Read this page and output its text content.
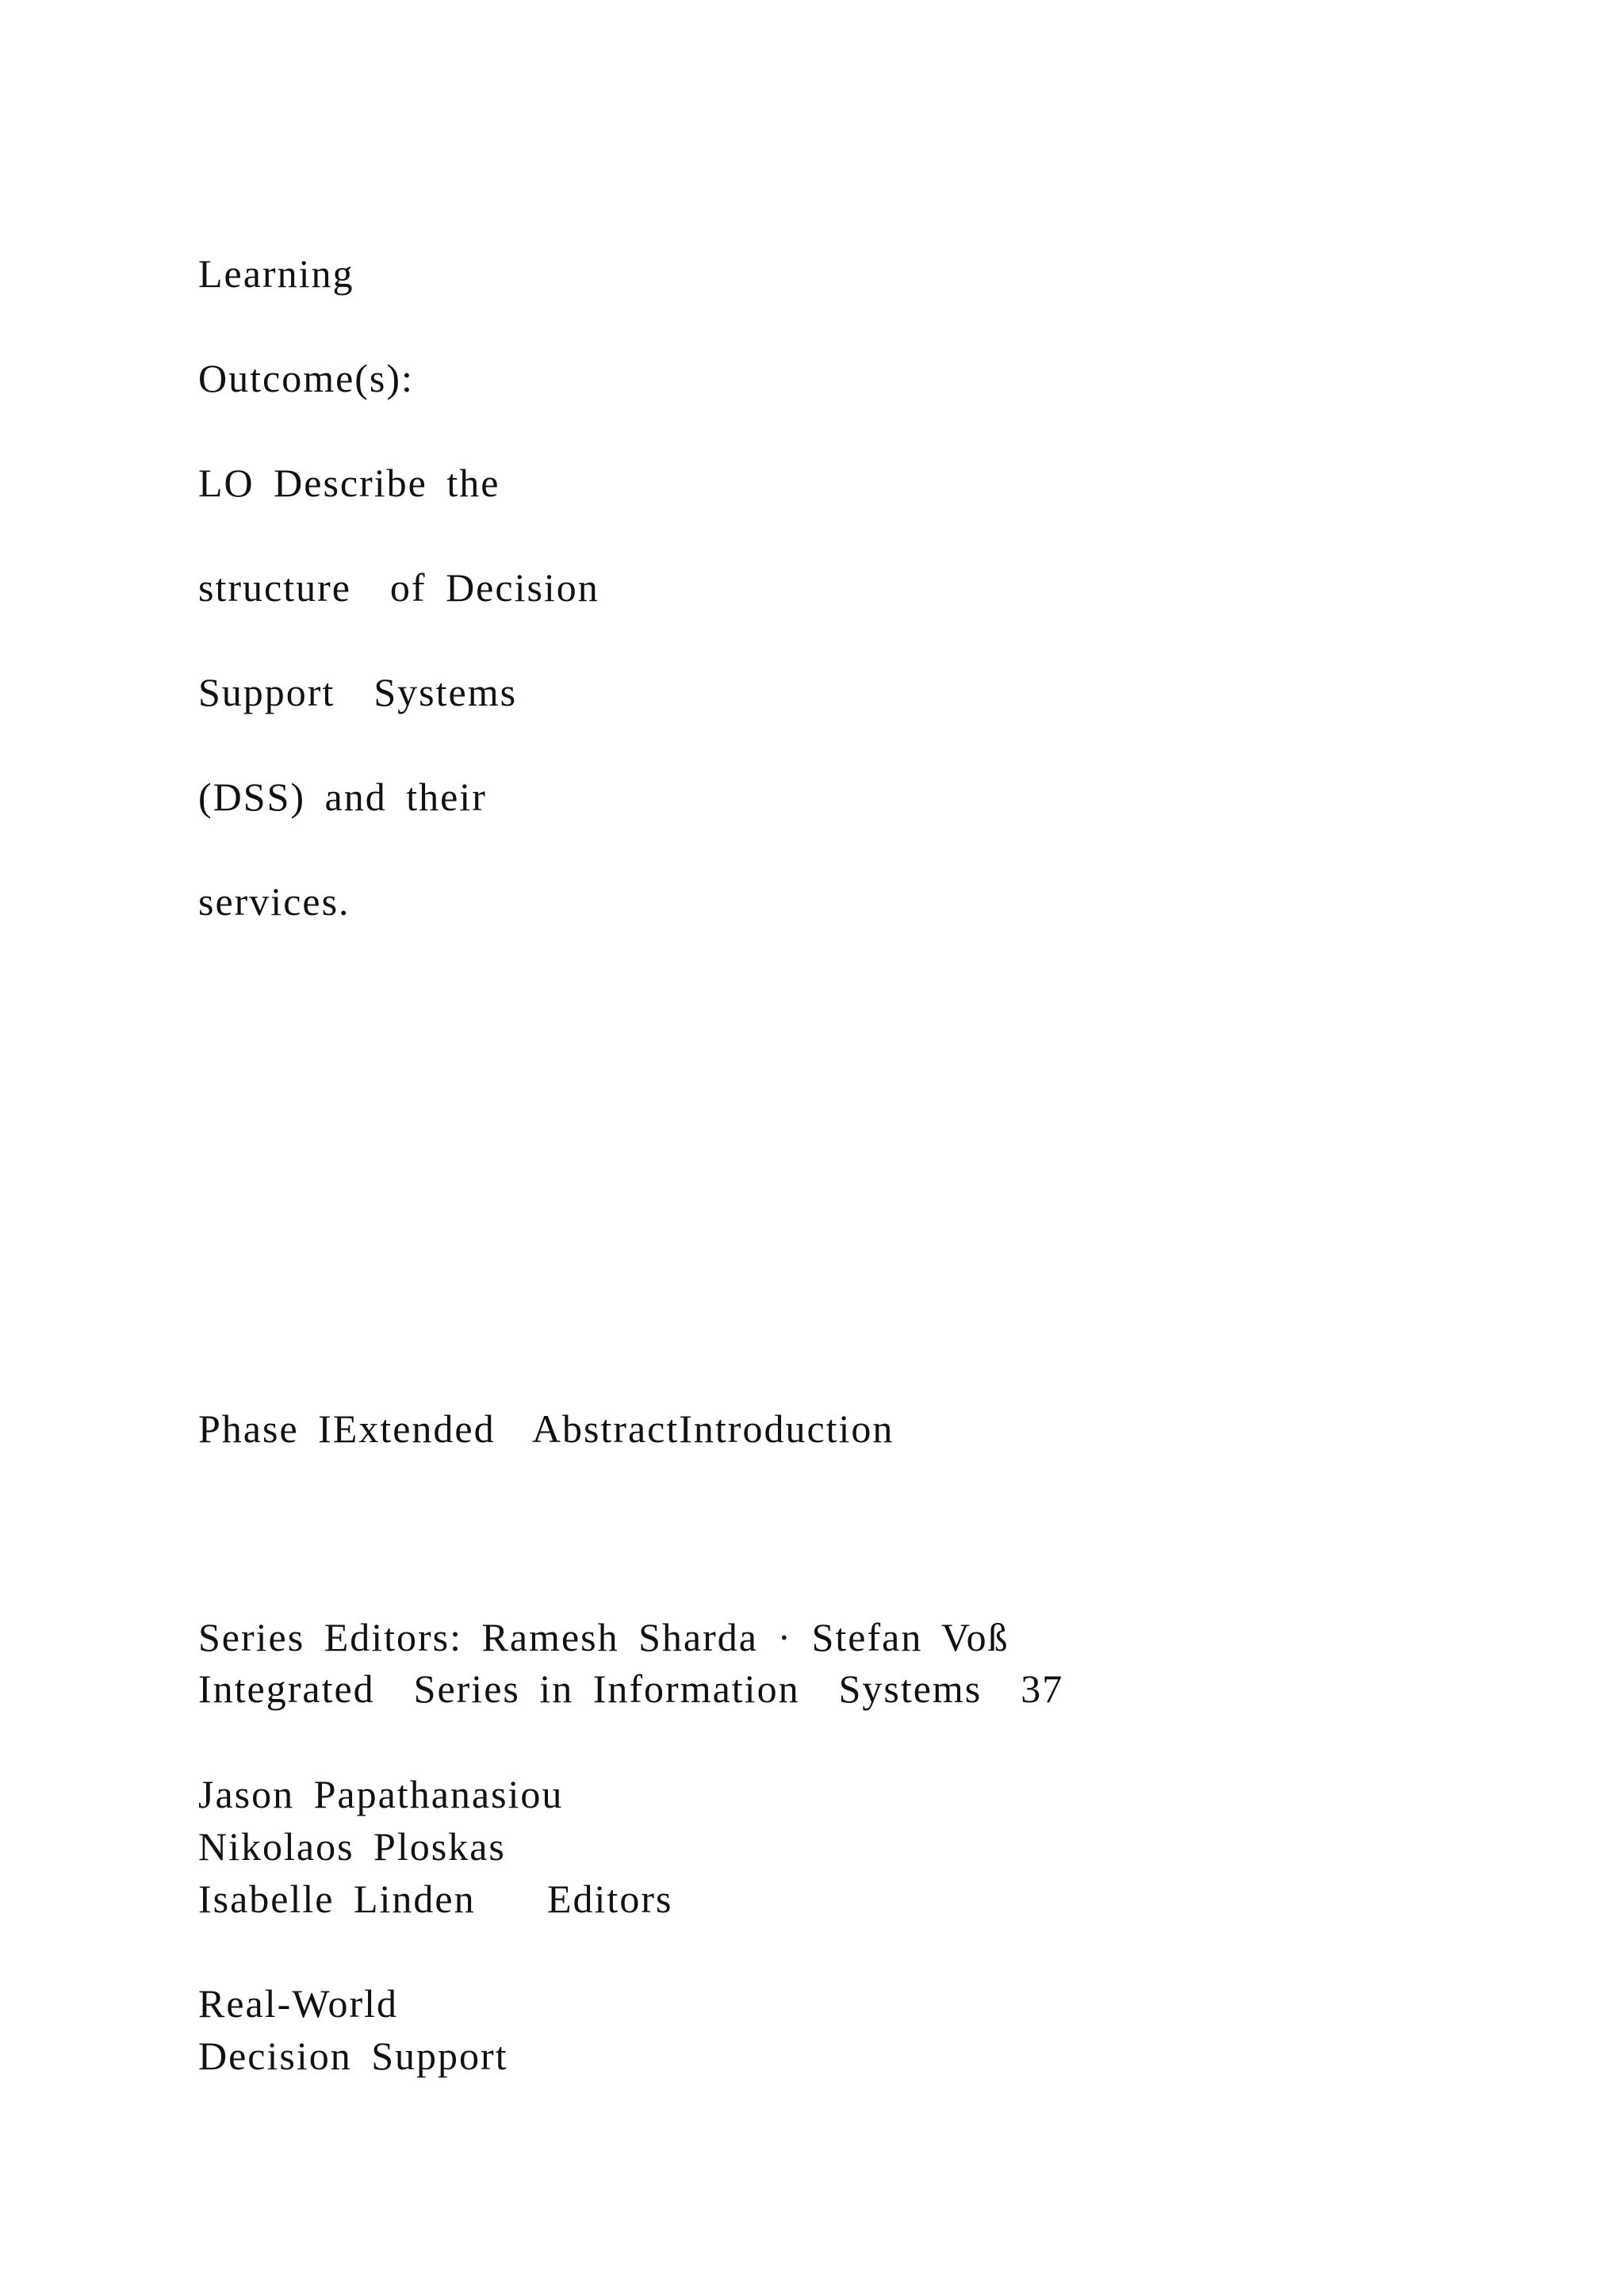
Learning

Outcome(s):

LO Describe the

structure  of Decision

Support  Systems

(DSS) and their

services.

Phase IExtended  AbstractIntroduction

Series Editors: Ramesh Sharda · Stefan Voß

Integrated  Series in Information  Systems  37

Jason Papathanasiou

Nikolaos Ploskas

Isabelle Linden Editors

Real-World

Decision Support
